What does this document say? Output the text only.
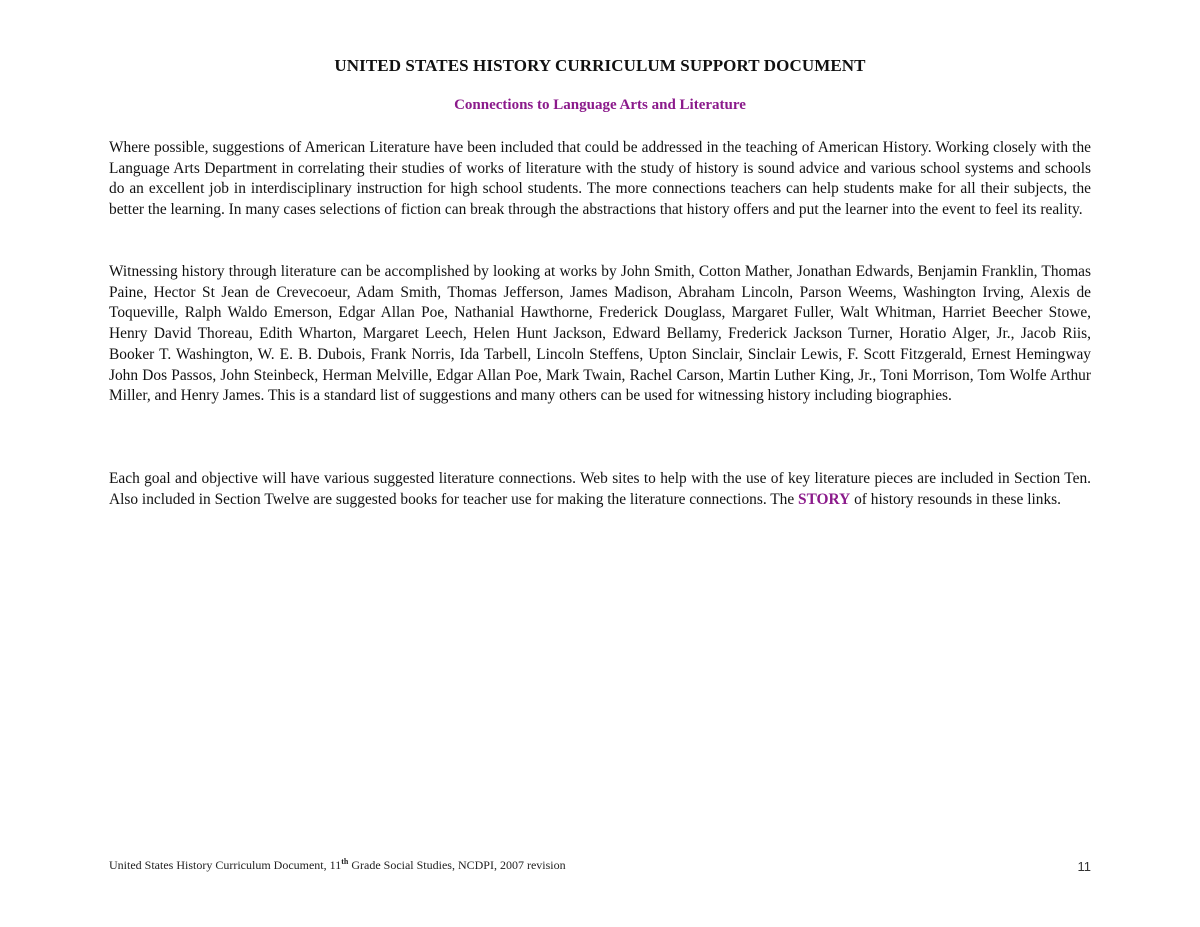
UNITED STATES HISTORY CURRICULUM SUPPORT DOCUMENT
Connections to Language Arts and Literature

Where possible, suggestions of American Literature have been included that could be addressed in the teaching of American History. Working closely with the Language Arts Department in correlating their studies of works of literature with the study of history is sound advice and various school systems and schools do an excellent job in interdisciplinary instruction for high school students. The more connections teachers can help students make for all their subjects, the better the learning. In many cases selections of fiction can break through the abstractions that history offers and put the learner into the event to feel its reality.

Witnessing history through literature can be accomplished by looking at works by John Smith, Cotton Mather, Jonathan Edwards, Benjamin Franklin, Thomas Paine, Hector St Jean de Crevecoeur, Adam Smith, Thomas Jefferson, James Madison, Abraham Lincoln, Parson Weems, Washington Irving, Alexis de Toqueville, Ralph Waldo Emerson, Edgar Allan Poe, Nathanial Hawthorne, Frederick Douglass, Margaret Fuller, Walt Whitman, Harriet Beecher Stowe, Henry David Thoreau, Edith Wharton, Margaret Leech, Helen Hunt Jackson, Edward Bellamy, Frederick Jackson Turner, Horatio Alger, Jr., Jacob Riis, Booker T. Washington, W. E. B. Dubois, Frank Norris, Ida Tarbell, Lincoln Steffens, Upton Sinclair, Sinclair Lewis, F. Scott Fitzgerald, Ernest Hemingway John Dos Passos, John Steinbeck, Herman Melville, Edgar Allan Poe, Mark Twain, Rachel Carson, Martin Luther King, Jr., Toni Morrison, Tom Wolfe Arthur Miller, and Henry James. This is a standard list of suggestions and many others can be used for witnessing history including biographies.

Each goal and objective will have various suggested literature connections. Web sites to help with the use of key literature pieces are included in Section Ten. Also included in Section Twelve are suggested books for teacher use for making the literature connections. The STORY of history resounds in these links.

United States History Curriculum Document, 11th Grade Social Studies, NCDPI, 2007 revision	11
